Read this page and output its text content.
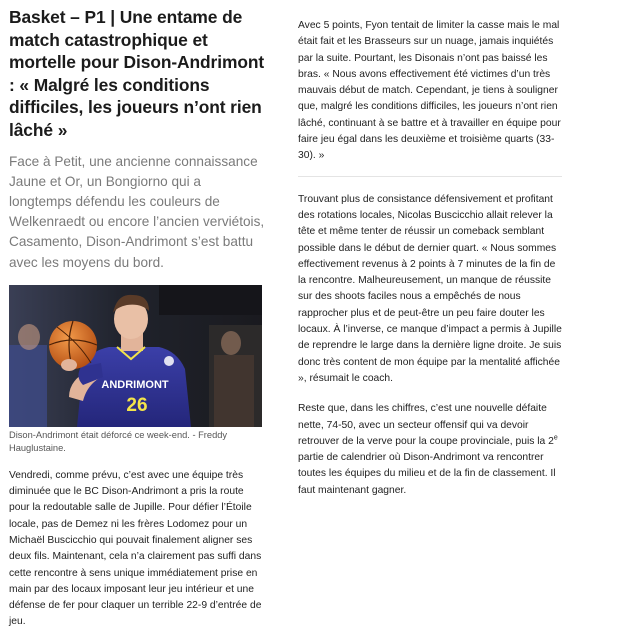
Basket – P1 | Une entame de match catastrophique et mortelle pour Dison-Andrimont : « Malgré les conditions difficiles, les joueurs n’ont rien lâché »

Face à Petit, une ancienne connaissance Jaune et Or, un Bongiorno qui a longtemps défendu les couleurs de Welkenraedt ou encore l’ancien verviétois, Casamento, Dison-Andrimont s’est battu avec les moyens du bord.

ANDRIMONT
26
Dison-Andrimont était déforcé ce week-end. - Freddy Hauglustaine.

Vendredi, comme prévu, c’est avec une équipe très diminuée que le BC Dison-Andrimont a pris la route pour la redoutable salle de Jupille. Pour défier l’Étoile locale, pas de Demez ni les frères Lodomez pour un Michaël Buscicchio qui pouvait finalement aligner ses deux fils. Maintenant, cela n’a clairement pas suffi dans cette rencontre à sens unique immédiatement prise en main par des locaux imposant leur jeu intérieur et une défense de fer pour claquer un terrible 22-9 d’entrée de jeu.

Avec 5 points, Fyon tentait de limiter la casse mais le mal était fait et les Brasseurs sur un nuage, jamais inquiétés par la suite. Pourtant, les Disonais n’ont pas baissé les bras. « Nous avons effectivement été victimes d’un très mauvais début de match. Cependant, je tiens à souligner que, malgré les conditions difficiles, les joueurs n’ont rien lâché, continuant à se battre et à travailler en équipe pour faire jeu égal dans les deuxième et troisième quarts (33-30). »

Trouvant plus de consistance défensivement et profitant des rotations locales, Nicolas Buscicchio allait relever la tête et même tenter de réussir un comeback semblant possible dans le début de dernier quart. « Nous sommes effectivement revenus à 2 points à 7 minutes de la fin de la rencontre. Malheureusement, un manque de réussite sur des shoots faciles nous a empêchés de nous rapprocher plus et de peut-être un peu faire douter les locaux. À l’inverse, ce manque d’impact a permis à Jupille de reprendre le large dans la dernière ligne droite. Je suis donc très content de mon équipe par la mentalité affichée », résumait le coach.

Reste que, dans les chiffres, c’est une nouvelle défaite nette, 74-50, avec un secteur offensif qui va devoir retrouver de la verve pour la coupe provinciale, puis la 2e partie de calendrier où Dison-Andrimont va rencontrer toutes les équipes du milieu et de la fin de classement. Il faut maintenant gagner.
